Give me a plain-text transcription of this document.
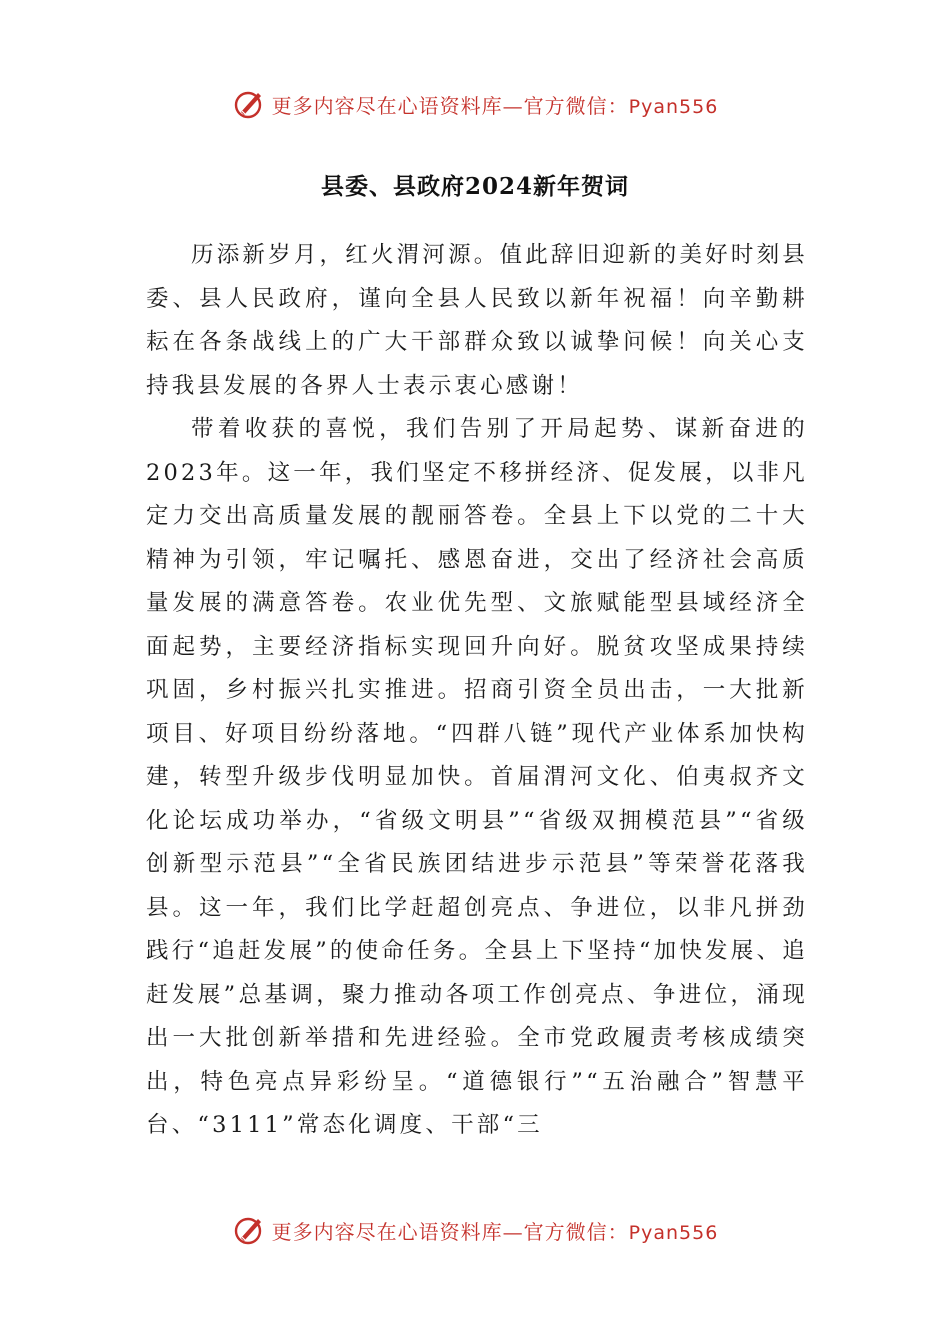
更多内容尽在心语资料库—官方微信：Pyan556
县委、县政府2024新年贺词

历添新岁月，红火渭河源。值此辞旧迎新的美好时刻县委、县人民政府，谨向全县人民致以新年祝福！向辛勤耕耘在各条战线上的广大干部群众致以诚挚问候！向关心支持我县发展的各界人士表示衷心感谢！

带着收获的喜悦，我们告别了开局起势、谋新奋进的2023年。这一年，我们坚定不移拼经济、促发展，以非凡定力交出高质量发展的靓丽答卷。全县上下以党的二十大精神为引领，牢记嘱托、感恩奋进，交出了经济社会高质量发展的满意答卷。农业优先型、文旅赋能型县域经济全面起势，主要经济指标实现回升向好。脱贫攻坚成果持续巩固，乡村振兴扎实推进。招商引资全员出击，一大批新项目、好项目纷纷落地。“四群八链”现代产业体系加快构建，转型升级步伐明显加快。首届渭河文化、伯夷叔齐文化论坛成功举办，“省级文明县”“省级双拥模范县”“省级创新型示范县”“全省民族团结进步示范县”等荣誉花落我县。这一年，我们比学赶超创亮点、争进位，以非凡拼劲践行“追赶发展”的使命任务。全县上下坚持“加快发展、追赶发展”总基调，聚力推动各项工作创亮点、争进位，涌现出一大批创新举措和先进经验。全市党政履责考核成绩突出，特色亮点异彩纷呈。“道德银行”“五治融合”智慧平台、“3111”常态化调度、干部“三

更多内容尽在心语资料库—官方微信：Pyan556
